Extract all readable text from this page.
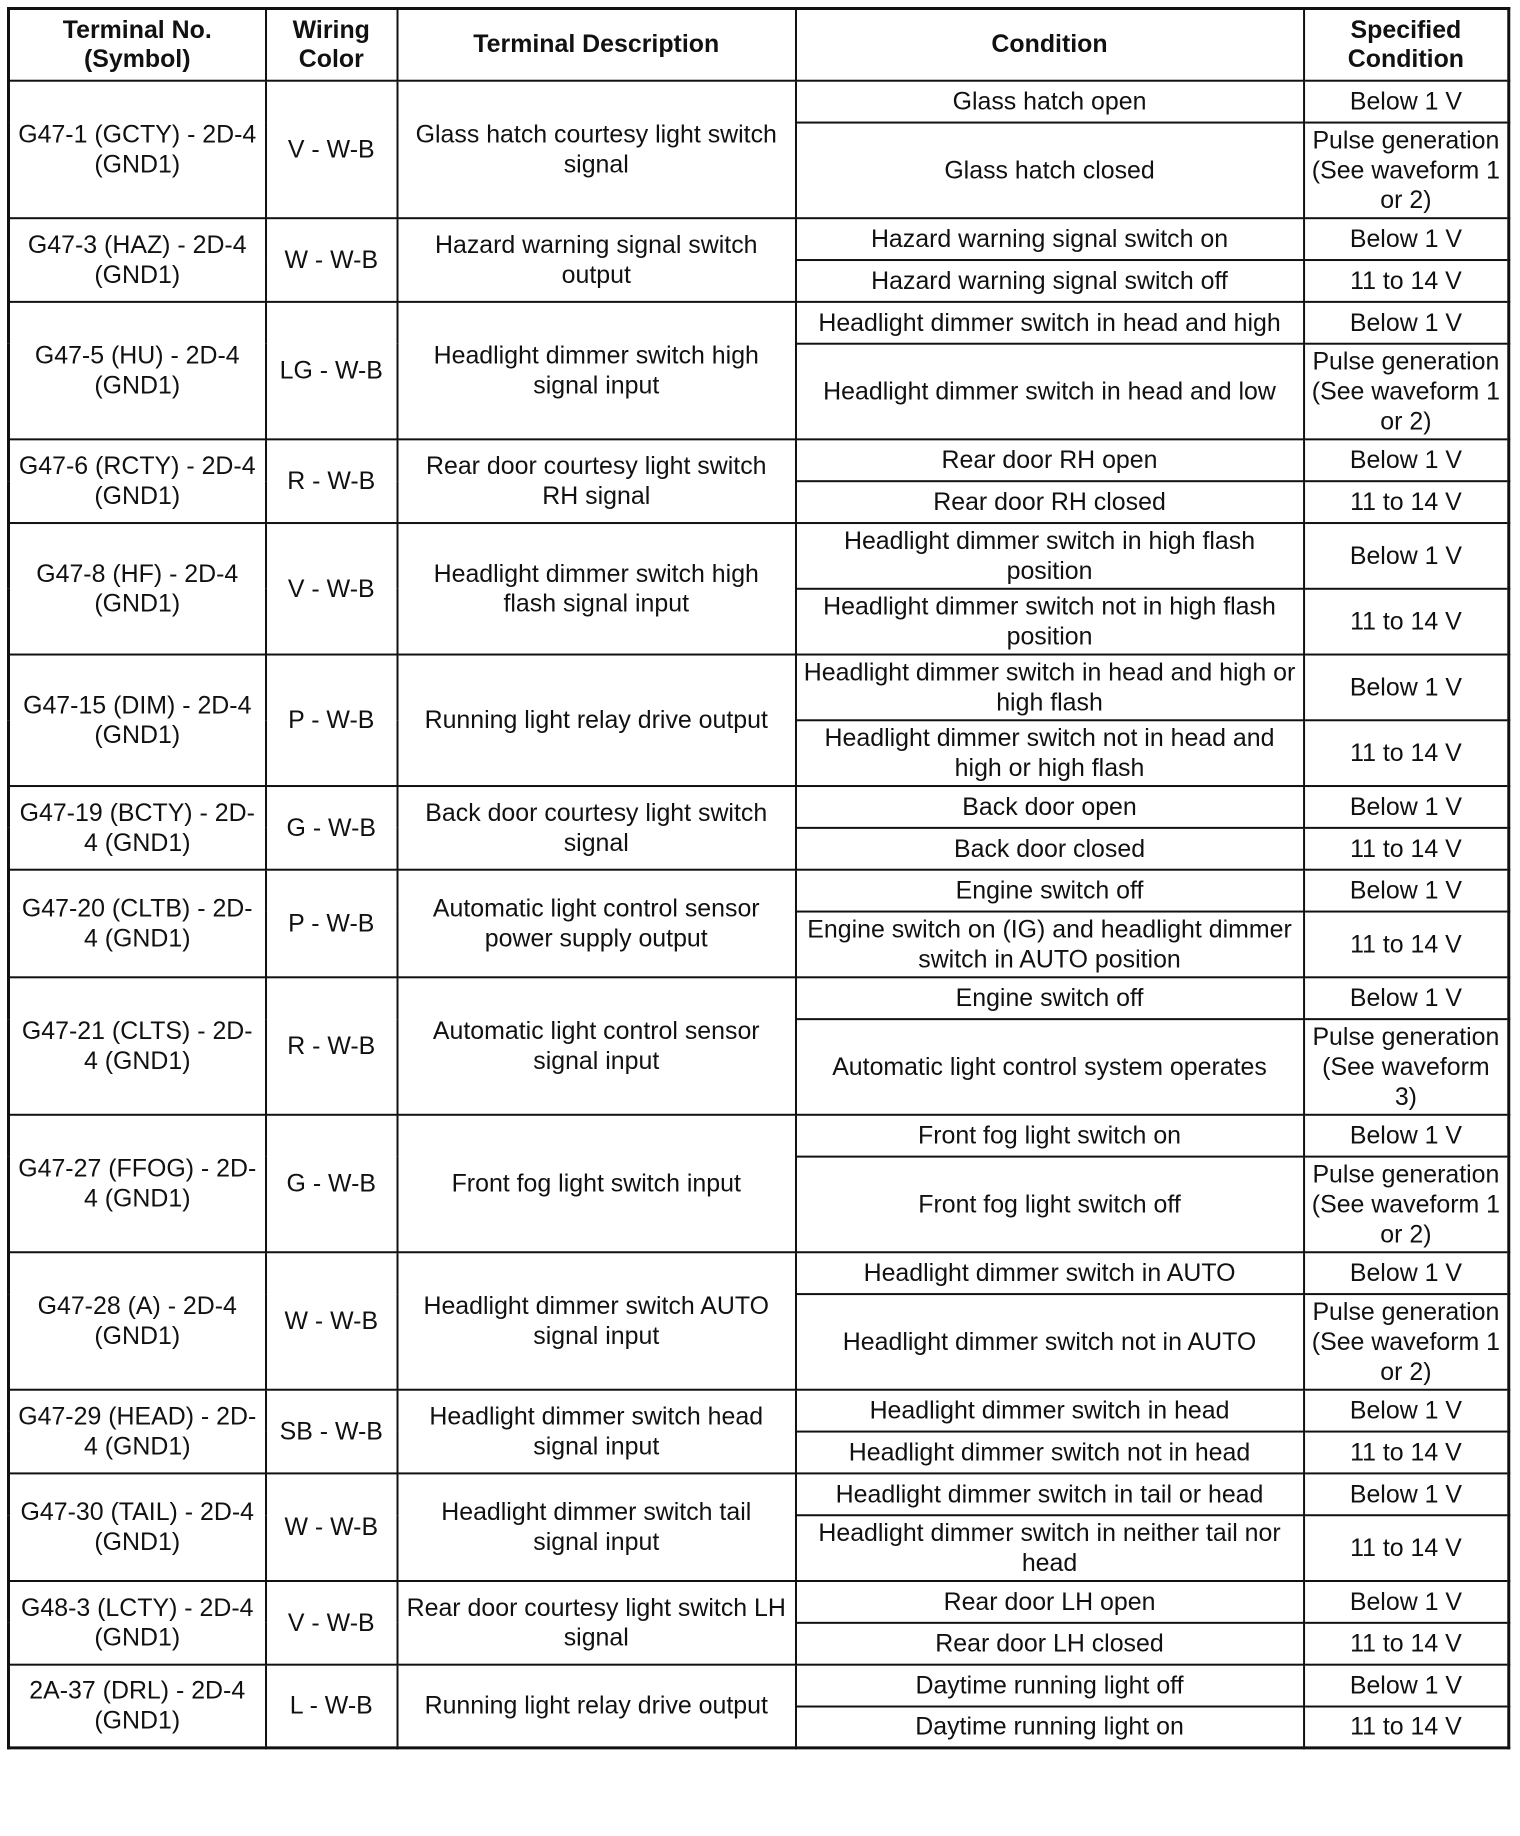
Terminal No. (Symbol)	Wiring Color	Terminal Description	Condition	Specified Condition
G47-1 (GCTY) - 2D-4 (GND1)	V - W-B	Glass hatch courtesy light switch signal	Glass hatch open	Below 1 V
			Glass hatch closed	Pulse generation (See waveform 1 or 2)
G47-3 (HAZ) - 2D-4 (GND1)	W - W-B	Hazard warning signal switch output	Hazard warning signal switch on	Below 1 V
			Hazard warning signal switch off	11 to 14 V
G47-5 (HU) - 2D-4 (GND1)	LG - W-B	Headlight dimmer switch high signal input	Headlight dimmer switch in head and high	Below 1 V
			Headlight dimmer switch in head and low	Pulse generation (See waveform 1 or 2)
G47-6 (RCTY) - 2D-4 (GND1)	R - W-B	Rear door courtesy light switch RH signal	Rear door RH open	Below 1 V
			Rear door RH closed	11 to 14 V
G47-8 (HF) - 2D-4 (GND1)	V - W-B	Headlight dimmer switch high flash signal input	Headlight dimmer switch in high flash position	Below 1 V
			Headlight dimmer switch not in high flash position	11 to 14 V
G47-15 (DIM) - 2D-4 (GND1)	P - W-B	Running light relay drive output	Headlight dimmer switch in head and high or high flash	Below 1 V
			Headlight dimmer switch not in head and high or high flash	11 to 14 V
G47-19 (BCTY) - 2D-4 (GND1)	G - W-B	Back door courtesy light switch signal	Back door open	Below 1 V
			Back door closed	11 to 14 V
G47-20 (CLTB) - 2D-4 (GND1)	P - W-B	Automatic light control sensor power supply output	Engine switch off	Below 1 V
			Engine switch on (IG) and headlight dimmer switch in AUTO position	11 to 14 V
G47-21 (CLTS) - 2D-4 (GND1)	R - W-B	Automatic light control sensor signal input	Engine switch off	Below 1 V
			Automatic light control system operates	Pulse generation (See waveform 3)
G47-27 (FFOG) - 2D-4 (GND1)	G - W-B	Front fog light switch input	Front fog light switch on	Below 1 V
			Front fog light switch off	Pulse generation (See waveform 1 or 2)
G47-28 (A) - 2D-4 (GND1)	W - W-B	Headlight dimmer switch AUTO signal input	Headlight dimmer switch in AUTO	Below 1 V
			Headlight dimmer switch not in AUTO	Pulse generation (See waveform 1 or 2)
G47-29 (HEAD) - 2D-4 (GND1)	SB - W-B	Headlight dimmer switch head signal input	Headlight dimmer switch in head	Below 1 V
			Headlight dimmer switch not in head	11 to 14 V
G47-30 (TAIL) - 2D-4 (GND1)	W - W-B	Headlight dimmer switch tail signal input	Headlight dimmer switch in tail or head	Below 1 V
			Headlight dimmer switch in neither tail nor head	11 to 14 V
G48-3 (LCTY) - 2D-4 (GND1)	V - W-B	Rear door courtesy light switch LH signal	Rear door LH open	Below 1 V
			Rear door LH closed	11 to 14 V
2A-37 (DRL) - 2D-4 (GND1)	L - W-B	Running light relay drive output	Daytime running light off	Below 1 V
			Daytime running light on	11 to 14 V
